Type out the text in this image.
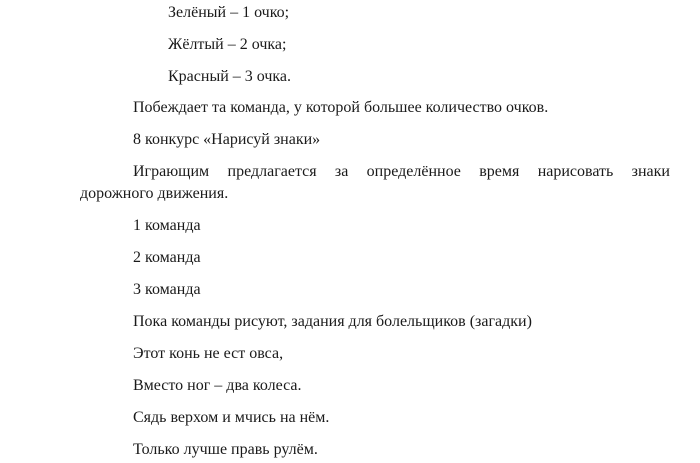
Зелёный – 1 очко;

Жёлтый – 2 очка;

Красный – 3 очка.

Побеждает та команда, у которой большее количество очков.

8 конкурс «Нарисуй знаки»

Играющим предлагается за определённое время нарисовать знаки
дорожного движения.

1 команда

2 команда

3 команда

Пока команды рисуют, задания для болельщиков (загадки)

Этот конь не ест овса,

Вместо ног – два колеса.

Сядь верхом и мчись на нём.

Только лучше правь рулём.
